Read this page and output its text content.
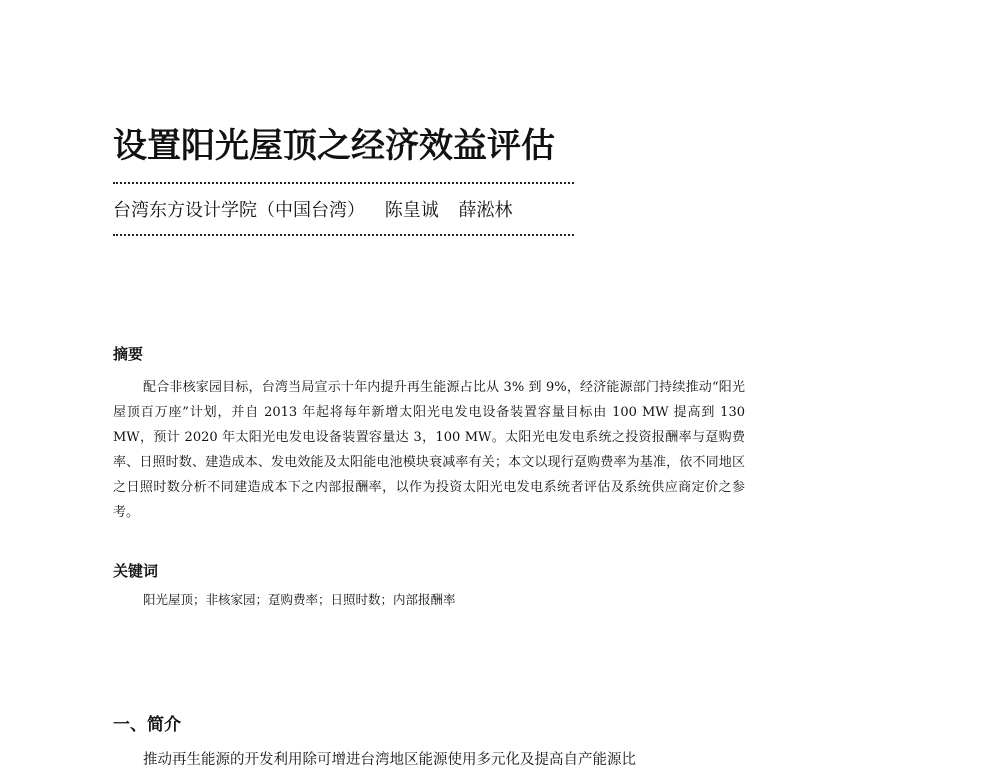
设置阳光屋顶之经济效益评估
台湾东方设计学院（中国台湾） 陈皇诚 薛淞林
摘要

配合非核家园目标，台湾当局宣示十年内提升再生能源占比从 3% 到 9%，经济能源部门持续推动“阳光屋顶百万座”计划，并自 2013 年起将每年新增太阳光电发电设备装置容量目标由 100 MW 提高到 130 MW，预计 2020 年太阳光电发电设备装置容量达 3，100 MW。太阳光电发电系统之投资报酬率与趸购费率、日照时数、建造成本、发电效能及太阳能电池模块衰减率有关；本文以现行趸购费率为基准，依不同地区之日照时数分析不同建造成本下之内部报酬率，以作为投资太阳光电发电系统者评估及系统供应商定价之参考。

关键词
阳光屋顶；非核家园；趸购费率；日照时数；内部报酬率
一、简介

推动再生能源的开发利用除可增进台湾地区能源使用多元化及提高自产能源比
